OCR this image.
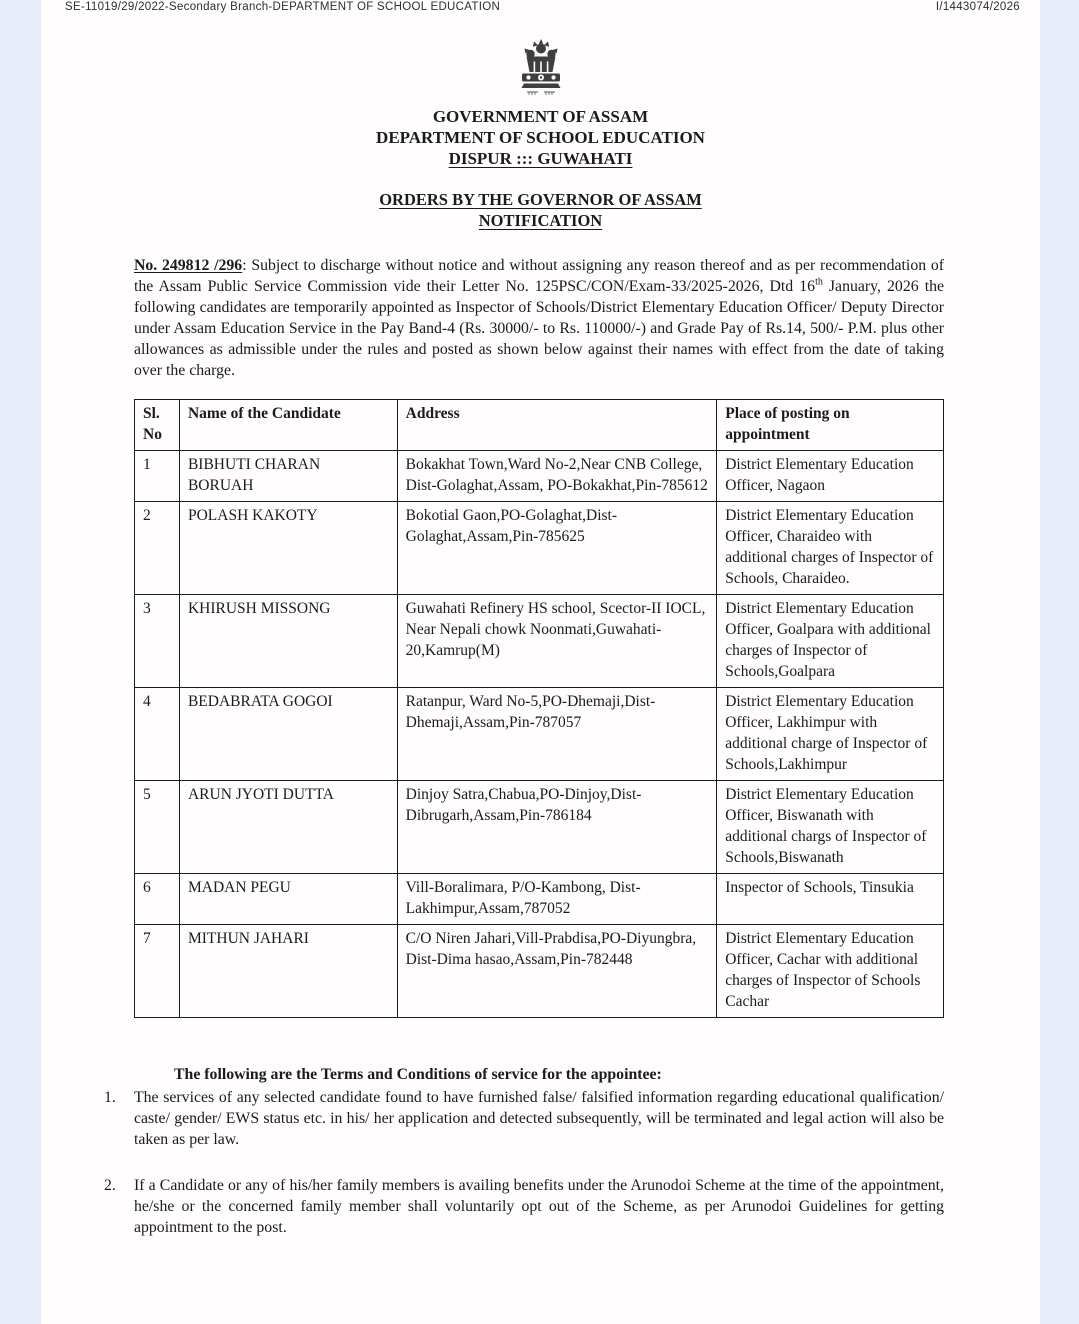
SE-11019/29/2022-Secondary Branch-DEPARTMENT OF SCHOOL EDUCATION	I/1443074/2026
GOVERNMENT OF ASSAM
DEPARTMENT OF SCHOOL EDUCATION
DISPUR ::: GUWAHATI
ORDERS BY THE GOVERNOR OF ASSAM
NOTIFICATION

No. 249812 /296: Subject to discharge without notice and without assigning any reason thereof and as per recommendation of the Assam Public Service Commission vide their Letter No. 125PSC/CON/Exam-33/2025-2026, Dtd 16th January, 2026 the following candidates are temporarily appointed as Inspector of Schools/District Elementary Education Officer/ Deputy Director under Assam Education Service in the Pay Band-4 (Rs. 30000/- to Rs. 110000/-) and Grade Pay of Rs.14, 500/- P.M. plus other allowances as admissible under the rules and posted as shown below against their names with effect from the date of taking over the charge.

Sl. No	Name of the Candidate	Address	Place of posting on appointment
1	BIBHUTI CHARAN BORUAH	Bokakhat Town,Ward No-2,Near CNB College, Dist-Golaghat,Assam, PO-Bokakhat,Pin-785612	District Elementary Education Officer, Nagaon
2	POLASH KAKOTY	Bokotial Gaon,PO-Golaghat,Dist-Golaghat,Assam,Pin-785625	District Elementary Education Officer, Charaideo with additional charges of Inspector of Schools, Charaideo.
3	KHIRUSH MISSONG	Guwahati Refinery HS school, Scector-II IOCL, Near Nepali chowk Noonmati,Guwahati-20,Kamrup(M)	District Elementary Education Officer, Goalpara with additional charges of Inspector of Schools,Goalpara
4	BEDABRATA GOGOI	Ratanpur, Ward No-5,PO-Dhemaji,Dist-Dhemaji,Assam,Pin-787057	District Elementary Education Officer, Lakhimpur with additional charge of Inspector of Schools,Lakhimpur
5	ARUN JYOTI DUTTA	Dinjoy Satra,Chabua,PO-Dinjoy,Dist-Dibrugarh,Assam,Pin-786184	District Elementary Education Officer, Biswanath with additional chargs of Inspector of Schools,Biswanath
6	MADAN PEGU	Vill-Boralimara, P/O-Kambong, Dist-Lakhimpur,Assam,787052	Inspector of Schools, Tinsukia
7	MITHUN JAHARI	C/O Niren Jahari,Vill-Prabdisa,PO-Diyungbra, Dist-Dima hasao,Assam,Pin-782448	District Elementary Education Officer, Cachar with additional charges of Inspector of Schools Cachar
The following are the Terms and Conditions of service for the appointee:
1.	The services of any selected candidate found to have furnished false/ falsified information regarding educational qualification/ caste/ gender/ EWS status etc. in his/ her application and detected subsequently, will be terminated and legal action will also be taken as per law.
2.	If a Candidate or any of his/her family members is availing benefits under the Arunodoi Scheme at the time of the appointment, he/she or the concerned family member shall voluntarily opt out of the Scheme, as per Arunodoi Guidelines for getting appointment to the post.
